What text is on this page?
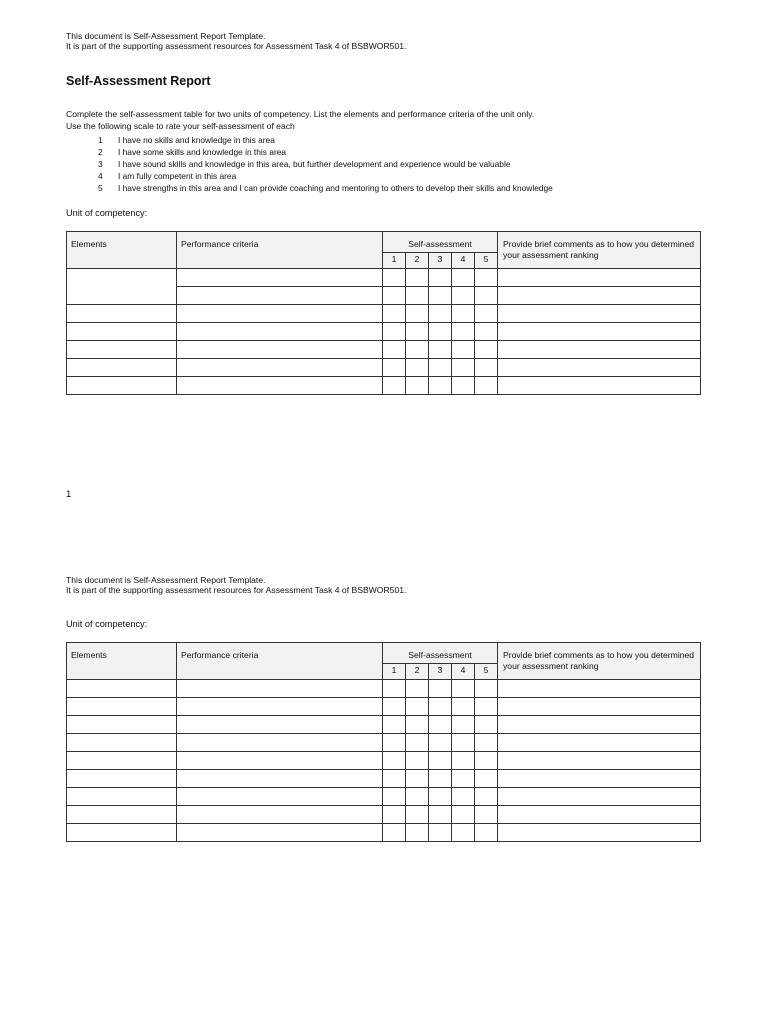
This document is Self-Assessment Report Template.
It is part of the supporting assessment resources for Assessment Task 4 of BSBWOR501.
Self-Assessment Report
Complete the self-assessment table for two units of competency. List the elements and performance criteria of the unit only.
Use the following scale to rate your self-assessment of each
1	I have no skills and knowledge in this area
2	I have some skills and knowledge in this area
3	I have sound skills and knowledge in this area, but further development and experience would be valuable
4	I am fully competent in this area
5	I have strengths in this area and I can provide coaching and mentoring to others to develop their skills and knowledge
Unit of competency:
Elements	Performance criteria	Self-assessment					Provide brief comments as to how you determined your assessment ranking
		1	2	3	4	5	

1
This document is Self-Assessment Report Template.
It is part of the supporting assessment resources for Assessment Task 4 of BSBWOR501.
Unit of competency:
Elements	Performance criteria	Self-assessment					Provide brief comments as to how you determined your assessment ranking
		1	2	3	4	5	
